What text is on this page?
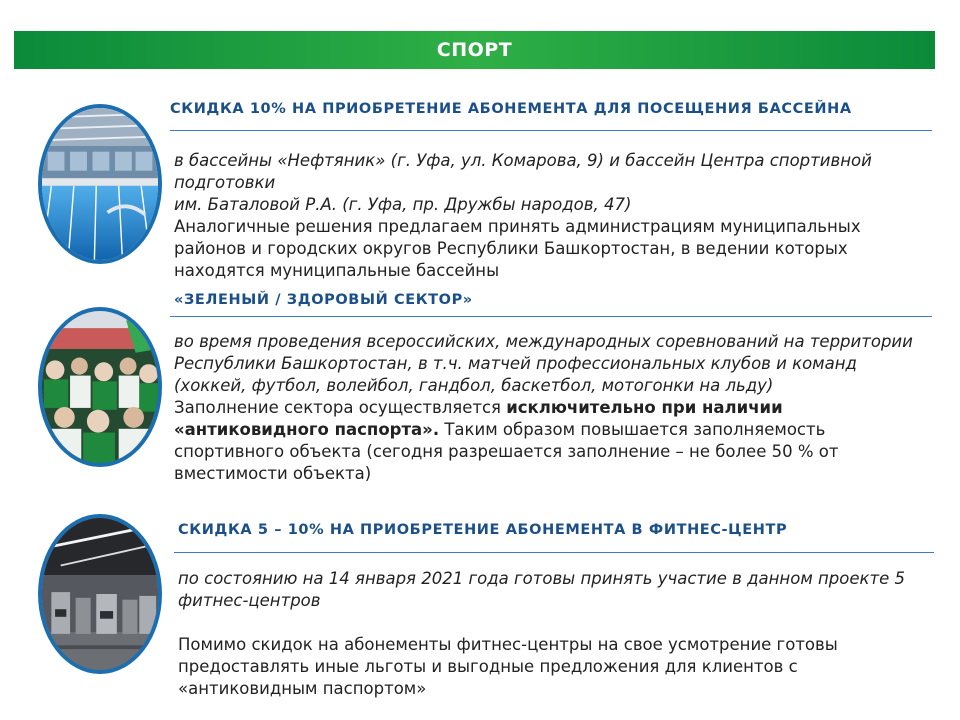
СПОРТ
СКИДКА 10% НА ПРИОБРЕТЕНИЕ АБОНЕМЕНТА ДЛЯ ПОСЕЩЕНИЯ БАССЕЙНА

в бассейны «Нефтяник» (г. Уфа, ул. Комарова, 9) и бассейн Центра спортивной подготовки

им. Баталовой Р.А. (г. Уфа, пр. Дружбы народов, 47)

Аналогичные решения предлагаем принять администрациям муниципальных районов и городских округов Республики Башкортостан, в ведении которых находятся муниципальные бассейны

«ЗЕЛЕНЫЙ / ЗДОРОВЫЙ СЕКТОР»

во время проведения всероссийских, международных соревнований на территории Республики Башкортостан, в т.ч. матчей профессиональных клубов и команд (хоккей, футбол, волейбол, гандбол, баскетбол, мотогонки на льду)

Заполнение сектора осуществляется исключительно при наличии «антиковидного паспорта». Таким образом повышается заполняемость спортивного объекта (сегодня разрешается заполнение – не более 50 % от вместимости объекта)

СКИДКА 5 – 10% НА ПРИОБРЕТЕНИЕ АБОНЕМЕНТА В ФИТНЕС-ЦЕНТР

по состоянию на 14 января 2021 года готовы принять участие в данном проекте 5 фитнес-центров

Помимо скидок на абонементы фитнес-центры на свое усмотрение готовы предоставлять иные льготы и выгодные предложения для клиентов с «антиковидным паспортом»
